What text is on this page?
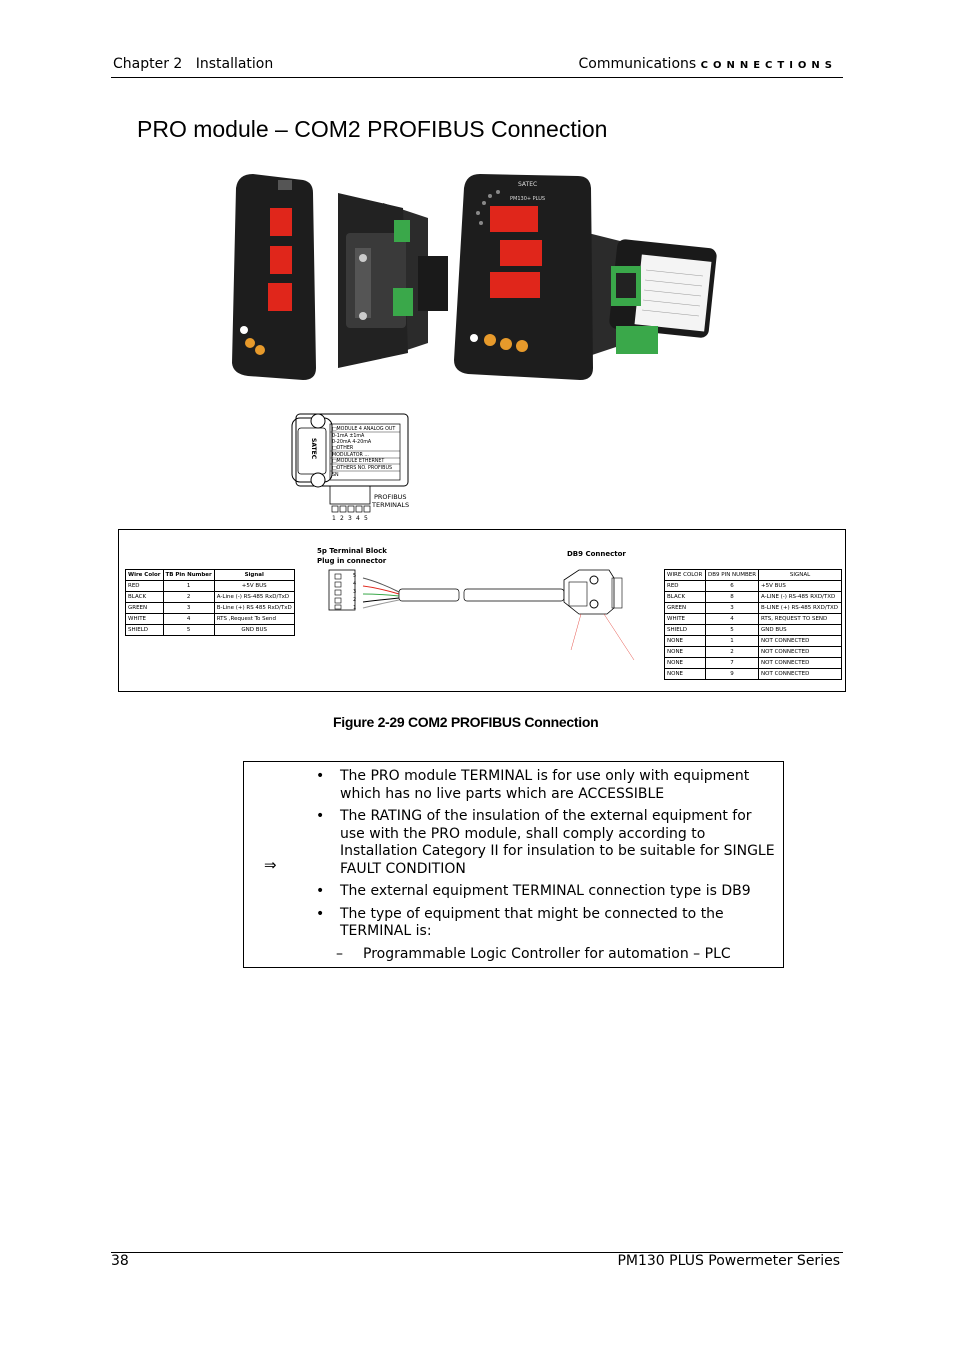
Chapter 2 Installation	Communications CONNECTIONS
PRO module – COM2 PROFIBUS Connection
SATEC
PM130+ PLUS
SATEC
□MODULE 4 ANALOG OUT
0-1mA ±1mA
0-20mA 4-20mA
□OTHER
MODULATOR ...
□MODULE ETHERNET
□OTHERS NO. PROFIBUS
SN
1 2 3 4 5
PROFIBUS
TERMINALS
Wire Color	TB Pin Number	Signal
RED	1	+5V BUS
BLACK	2	A-Line (-) RS-485 RxD/TxD
GREEN	3	B-Line (+) RS 485 RxD/TxD
WHITE	4	RTS ,Request To Send
SHIELD	5	GND BUS
5p Terminal Block
Plug in connector
DB9 Connector
5
4
3
2
1
WIRE COLOR	DB9 PIN NUMBER	SIGNAL
RED	6	+5V BUS
BLACK	8	A-LINE (-) RS-485 RXD/TXD
GREEN	3	B-LINE (+) RS-485 RXD/TXD
WHITE	4	RTS, REQUEST TO SEND
SHIELD	5	GND BUS
NONE	1	NOT CONNECTED
NONE	2	NOT CONNECTED
NONE	7	NOT CONNECTED
NONE	9	NOT CONNECTED
Figure 2-29 COM2 PROFIBUS Connection
⇒
• The PRO module TERMINAL is for use only with equipment which has no live parts which are ACCESSIBLE
• The RATING of the insulation of the external equipment for use with the PRO module, shall comply according to Installation Category II for insulation to be suitable for SINGLE FAULT CONDITION
• The external equipment TERMINAL connection type is DB9
• The type of equipment that might be connected to the TERMINAL is:
– Programmable Logic Controller for automation – PLC
38	PM130 PLUS Powermeter Series
